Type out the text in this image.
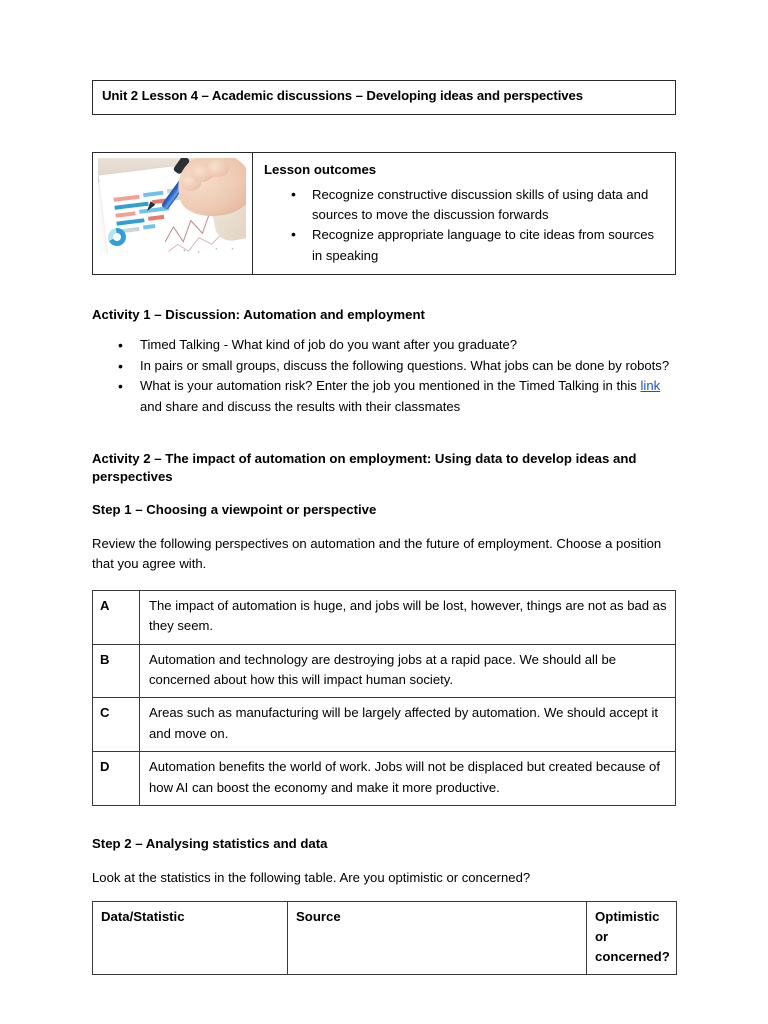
Unit 2 Lesson 4 – Academic discussions – Developing ideas and perspectives
Lesson outcomes
• Recognize constructive discussion skills of using data and sources to move the discussion forwards
• Recognize appropriate language to cite ideas from sources in speaking
Activity 1 – Discussion: Automation and employment
• Timed Talking - What kind of job do you want after you graduate?
• In pairs or small groups, discuss the following questions. What jobs can be done by robots?
• What is your automation risk? Enter the job you mentioned in the Timed Talking in this link and share and discuss the results with their classmates
Activity 2 – The impact of automation on employment: Using data to develop ideas and perspectives
Step 1 – Choosing a viewpoint or perspective
Review the following perspectives on automation and the future of employment. Choose a position that you agree with.
A	The impact of automation is huge, and jobs will be lost, however, things are not as bad as they seem.
B	Automation and technology are destroying jobs at a rapid pace. We should all be concerned about how this will impact human society.
C	Areas such as manufacturing will be largely affected by automation. We should accept it and move on.
D	Automation benefits the world of work. Jobs will not be displaced but created because of how AI can boost the economy and make it more productive.
Step 2 – Analysing statistics and data
Look at the statistics in the following table. Are you optimistic or concerned?
Data/Statistic	Source	Optimistic or concerned?
